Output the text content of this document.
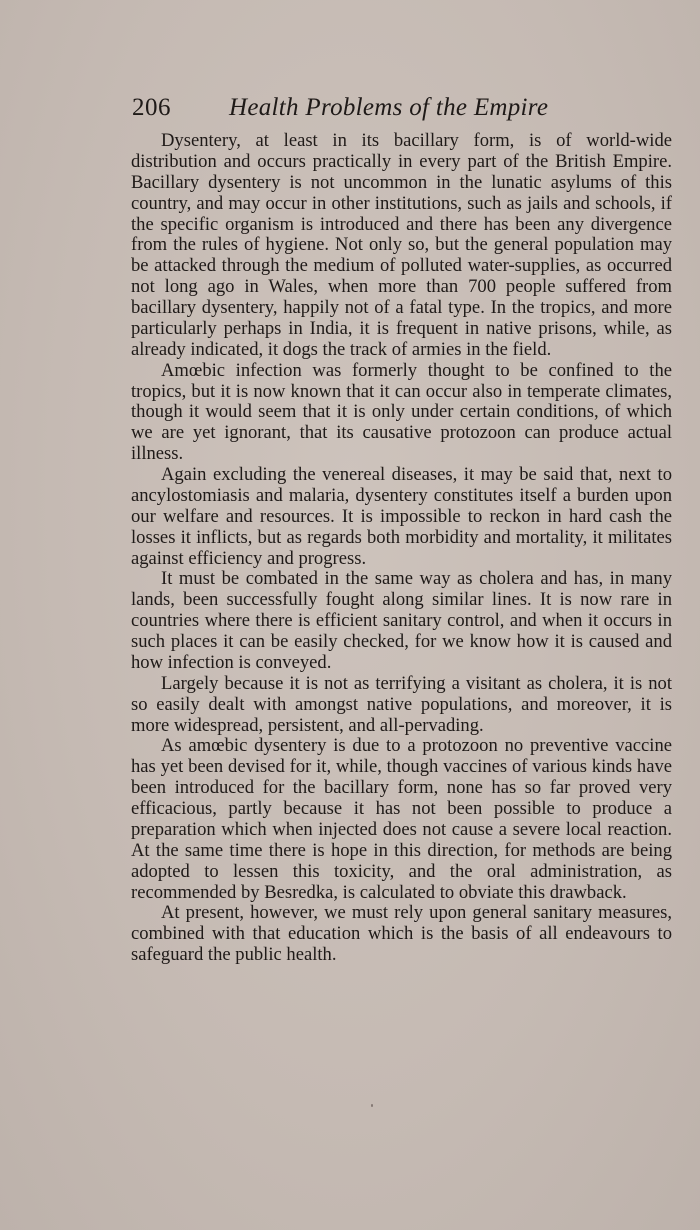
206 Health Problems of the Empire

Dysentery, at least in its bacillary form, is of world-wide distribution and occurs practically in every part of the British Empire. Bacillary dysentery is not uncommon in the lunatic asylums of this country, and may occur in other institutions, such as jails and schools, if the specific organism is introduced and there has been any divergence from the rules of hygiene. Not only so, but the general population may be attacked through the medium of polluted water-supplies, as occurred not long ago in Wales, when more than 700 people suffered from bacillary dysentery, happily not of a fatal type. In the tropics, and more particularly perhaps in India, it is frequent in native prisons, while, as already indicated, it dogs the track of armies in the field.

Amœbic infection was formerly thought to be confined to the tropics, but it is now known that it can occur also in temperate climates, though it would seem that it is only under certain conditions, of which we are yet ignorant, that its causative protozoon can produce actual illness.

Again excluding the venereal diseases, it may be said that, next to ancylostomiasis and malaria, dysentery constitutes itself a burden upon our welfare and resources. It is impossible to reckon in hard cash the losses it inflicts, but as regards both morbidity and mortality, it militates against efficiency and progress.

It must be combated in the same way as cholera and has, in many lands, been successfully fought along similar lines. It is now rare in countries where there is efficient sanitary control, and when it occurs in such places it can be easily checked, for we know how it is caused and how infection is conveyed.

Largely because it is not as terrifying a visitant as cholera, it is not so easily dealt with amongst native populations, and moreover, it is more widespread, persistent, and all-pervading.

As amœbic dysentery is due to a protozoon no preventive vaccine has yet been devised for it, while, though vaccines of various kinds have been introduced for the bacillary form, none has so far proved very efficacious, partly because it has not been possible to produce a preparation which when injected does not cause a severe local reaction. At the same time there is hope in this direction, for methods are being adopted to lessen this toxicity, and the oral administration, as recommended by Besredka, is calculated to obviate this drawback.

At present, however, we must rely upon general sanitary measures, combined with that education which is the basis of all endeavours to safeguard the public health.
